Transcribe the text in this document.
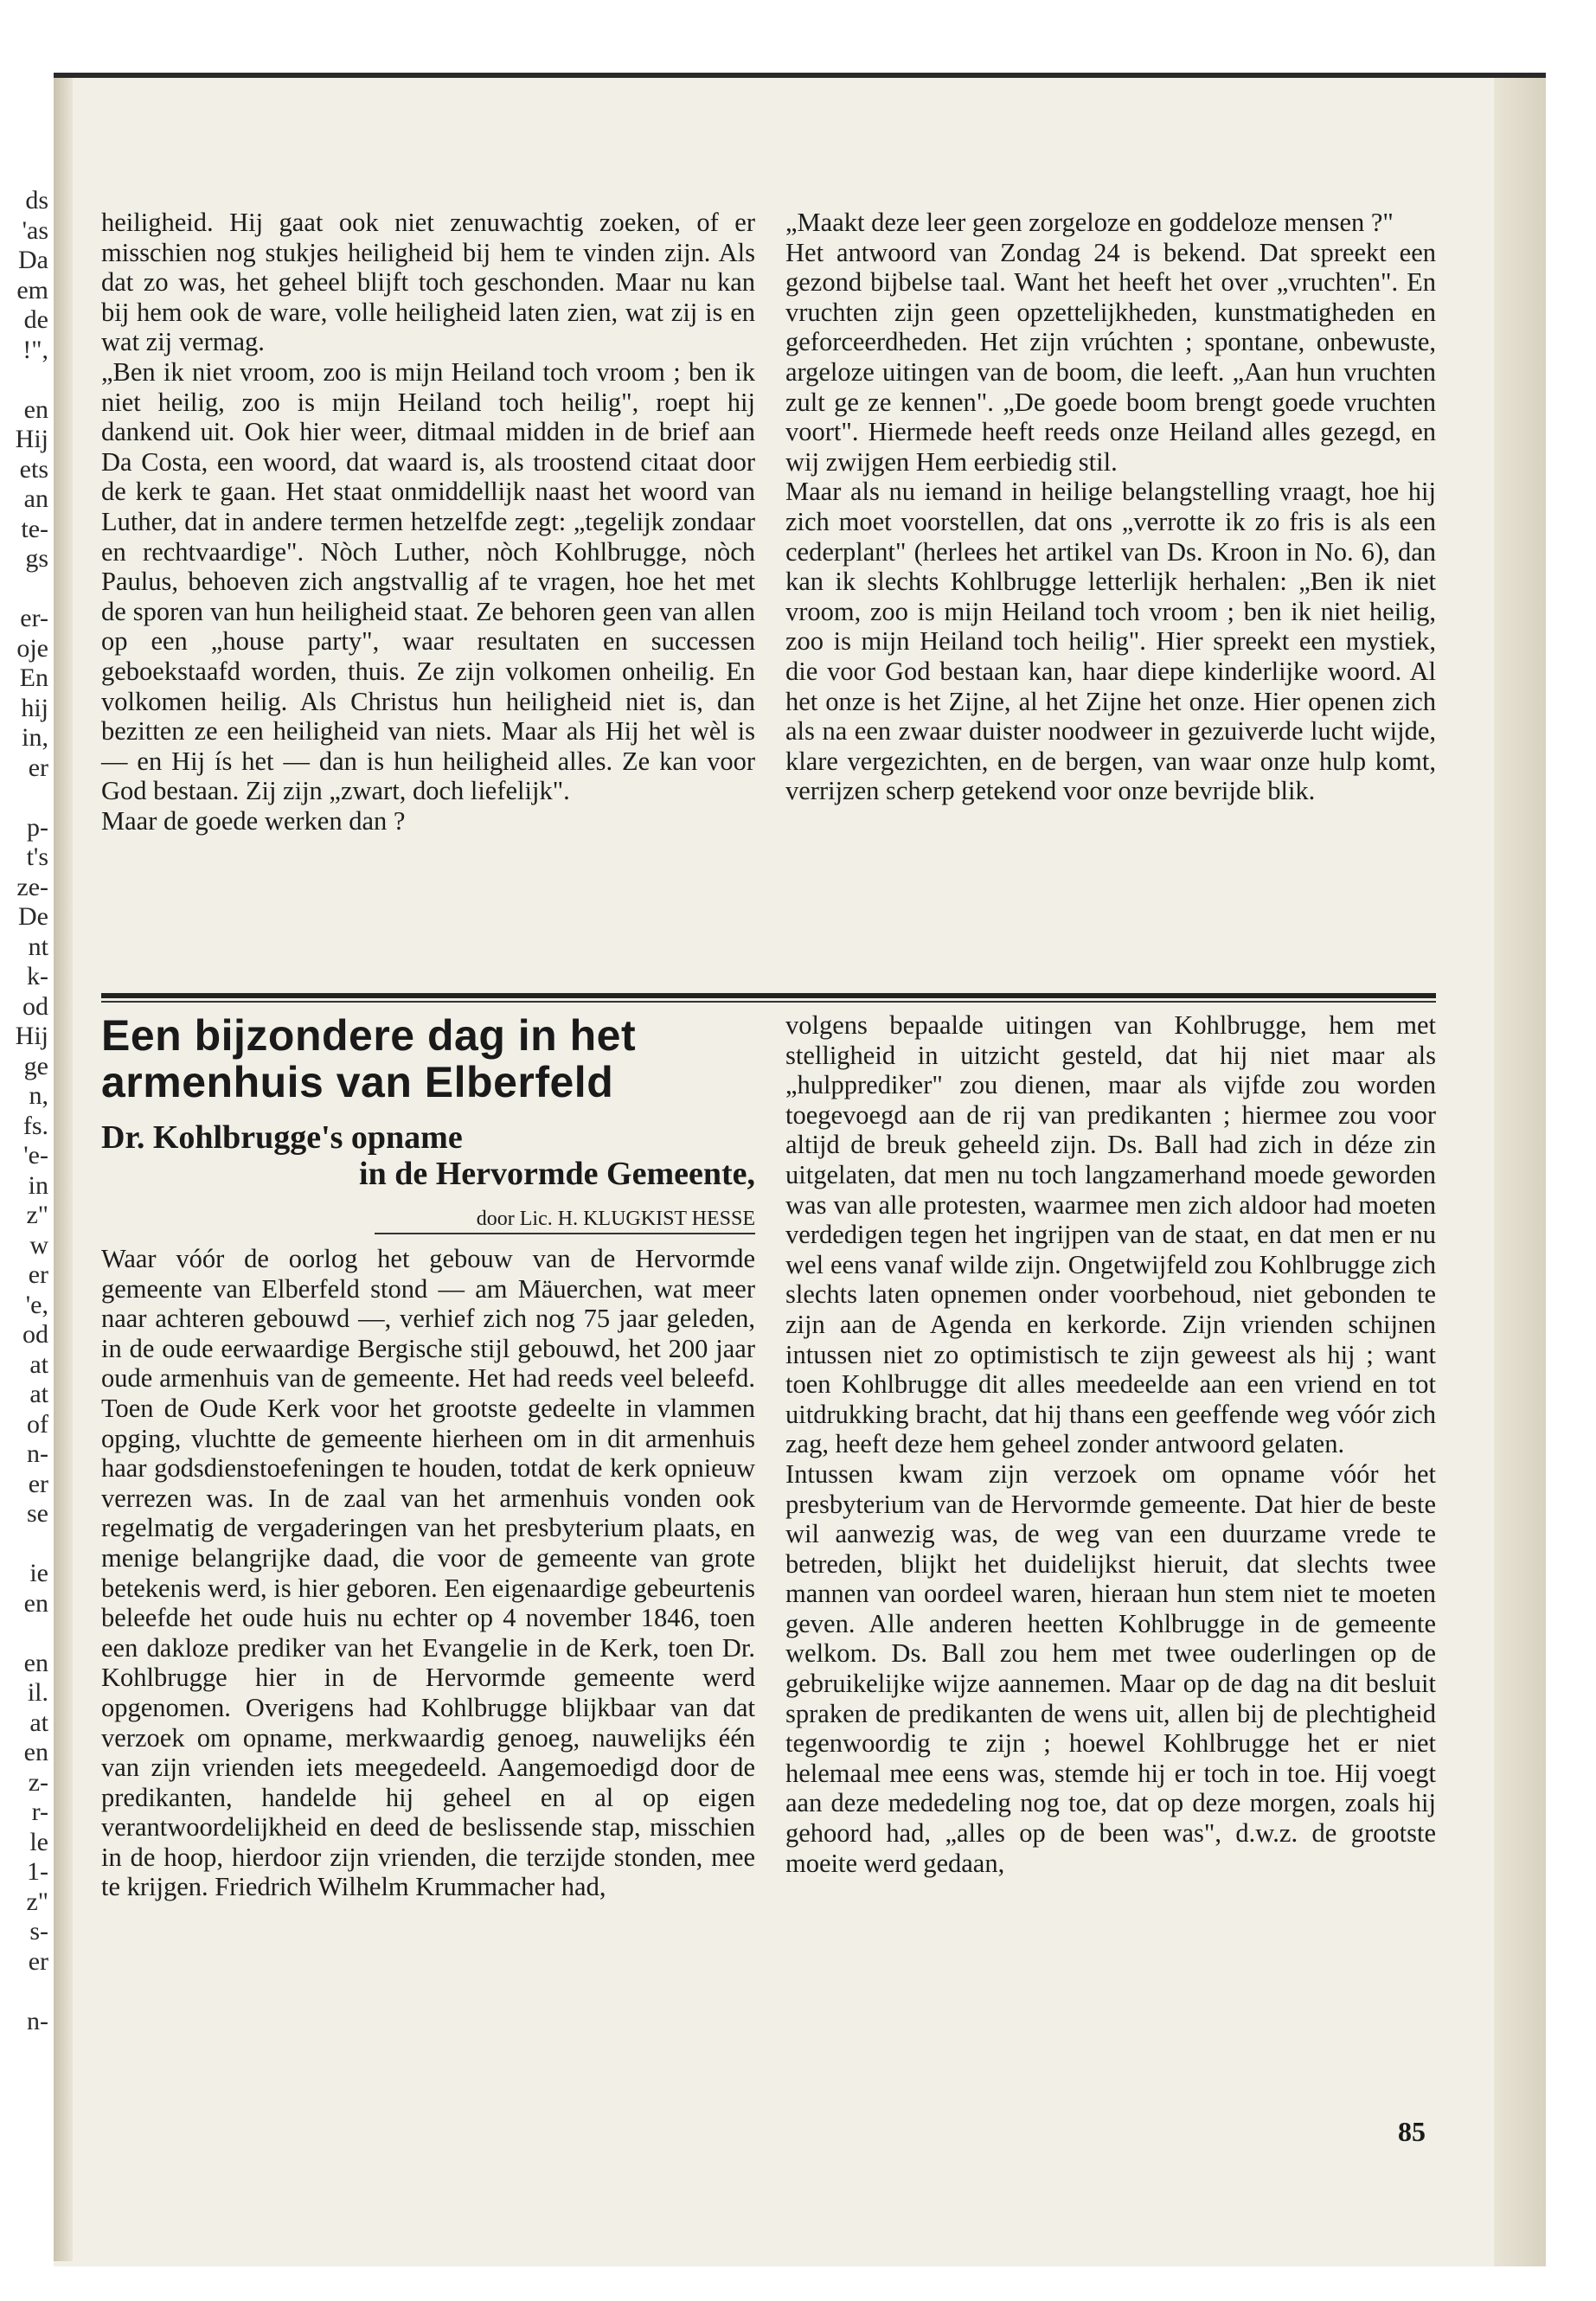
ds
'as
Da
em
de
!",

en
Hij
ets
an
te-
gs

er-
oje
En
hij
in,
er

p-
t's
ze-
De
nt
k-
od
Hij
ge
n,
fs.
'e-
in
z"
w
er
'e,
od
at
at
of
n-
er
se

ie
en

en
il.
at
en
z-
r-
le
1-
z"
s-
er

n-

heiligheid. Hij gaat ook niet zenuwachtig zoeken, of er misschien nog stukjes heiligheid bij hem te vinden zijn. Als dat zo was, het geheel blijft toch geschonden. Maar nu kan bij hem ook de ware, volle heiligheid laten zien, wat zij is en wat zij vermag.

„Ben ik niet vroom, zoo is mijn Heiland toch vroom ; ben ik niet heilig, zoo is mijn Heiland toch heilig", roept hij dankend uit. Ook hier weer, ditmaal midden in de brief aan Da Costa, een woord, dat waard is, als troostend citaat door de kerk te gaan. Het staat onmiddellijk naast het woord van Luther, dat in andere termen hetzelfde zegt: „tegelijk zondaar en rechtvaardige". Nòch Luther, nòch Kohlbrugge, nòch Paulus, behoeven zich angstvallig af te vragen, hoe het met de sporen van hun heiligheid staat. Ze behoren geen van allen op een „house party", waar resultaten en successen geboekstaafd worden, thuis. Ze zijn volkomen onheilig. En volkomen heilig. Als Christus hun heiligheid niet is, dan bezitten ze een heiligheid van niets. Maar als Hij het wèl is — en Hij ís het — dan is hun heiligheid alles. Ze kan voor God bestaan. Zij zijn „zwart, doch liefelijk".

Maar de goede werken dan ?

„Maakt deze leer geen zorgeloze en goddeloze mensen ?"

Het antwoord van Zondag 24 is bekend. Dat spreekt een gezond bijbelse taal. Want het heeft het over „vruchten". En vruchten zijn geen opzettelijkheden, kunstmatigheden en geforceerdheden. Het zijn vrúchten ; spontane, onbewuste, argeloze uitingen van de boom, die leeft. „Aan hun vruchten zult ge ze kennen". „De goede boom brengt goede vruchten voort". Hiermede heeft reeds onze Heiland alles gezegd, en wij zwijgen Hem eerbiedig stil.

Maar als nu iemand in heilige belangstelling vraagt, hoe hij zich moet voorstellen, dat ons „verrotte ik zo fris is als een cederplant" (herlees het artikel van Ds. Kroon in No. 6), dan kan ik slechts Kohlbrugge letterlijk herhalen: „Ben ik niet vroom, zoo is mijn Heiland toch vroom ; ben ik niet heilig, zoo is mijn Heiland toch heilig". Hier spreekt een mystiek, die voor God bestaan kan, haar diepe kinderlijke woord. Al het onze is het Zijne, al het Zijne het onze. Hier openen zich als na een zwaar duister noodweer in gezuiverde lucht wijde, klare vergezichten, en de bergen, van waar onze hulp komt, verrijzen scherp getekend voor onze bevrijde blik.

Een bijzondere dag in het armenhuis van Elberfeld
Dr. Kohlbrugge's opname
in de Hervormde Gemeente,
door Lic. H. KLUGKIST HESSE

Waar vóór de oorlog het gebouw van de Hervormde gemeente van Elberfeld stond — am Mäuerchen, wat meer naar achteren gebouwd —, verhief zich nog 75 jaar geleden, in de oude eerwaardige Bergische stijl gebouwd, het 200 jaar oude armenhuis van de gemeente. Het had reeds veel beleefd. Toen de Oude Kerk voor het grootste gedeelte in vlammen opging, vluchtte de gemeente hierheen om in dit armenhuis haar godsdienstoefeningen te houden, totdat de kerk opnieuw verrezen was. In de zaal van het armenhuis vonden ook regelmatig de vergaderingen van het presbyterium plaats, en menige belangrijke daad, die voor de gemeente van grote betekenis werd, is hier geboren. Een eigenaardige gebeurtenis beleefde het oude huis nu echter op 4 november 1846, toen een dakloze prediker van het Evangelie in de Kerk, toen Dr. Kohlbrugge hier in de Hervormde gemeente werd opgenomen. Overigens had Kohlbrugge blijkbaar van dat verzoek om opname, merkwaardig genoeg, nauwelijks één van zijn vrienden iets meegedeeld. Aangemoedigd door de predikanten, handelde hij geheel en al op eigen verantwoordelijkheid en deed de beslissende stap, misschien in de hoop, hierdoor zijn vrienden, die terzijde stonden, mee te krijgen. Friedrich Wilhelm Krummacher had,

volgens bepaalde uitingen van Kohlbrugge, hem met stelligheid in uitzicht gesteld, dat hij niet maar als „hulpprediker" zou dienen, maar als vijfde zou worden toegevoegd aan de rij van predikanten ; hiermee zou voor altijd de breuk geheeld zijn. Ds. Ball had zich in déze zin uitgelaten, dat men nu toch langzamerhand moede geworden was van alle protesten, waarmee men zich aldoor had moeten verdedigen tegen het ingrijpen van de staat, en dat men er nu wel eens vanaf wilde zijn. Ongetwijfeld zou Kohlbrugge zich slechts laten opnemen onder voorbehoud, niet gebonden te zijn aan de Agenda en kerkorde. Zijn vrienden schijnen intussen niet zo optimistisch te zijn geweest als hij ; want toen Kohlbrugge dit alles meedeelde aan een vriend en tot uitdrukking bracht, dat hij thans een geeffende weg vóór zich zag, heeft deze hem geheel zonder antwoord gelaten.

Intussen kwam zijn verzoek om opname vóór het presbyterium van de Hervormde gemeente. Dat hier de beste wil aanwezig was, de weg van een duurzame vrede te betreden, blijkt het duidelijkst hieruit, dat slechts twee mannen van oordeel waren, hieraan hun stem niet te moeten geven. Alle anderen heetten Kohlbrugge in de gemeente welkom. Ds. Ball zou hem met twee ouderlingen op de gebruikelijke wijze aannemen. Maar op de dag na dit besluit spraken de predikanten de wens uit, allen bij de plechtigheid tegenwoordig te zijn ; hoewel Kohlbrugge het er niet helemaal mee eens was, stemde hij er toch in toe. Hij voegt aan deze mededeling nog toe, dat op deze morgen, zoals hij gehoord had, „alles op de been was", d.w.z. de grootste moeite werd gedaan,

85
